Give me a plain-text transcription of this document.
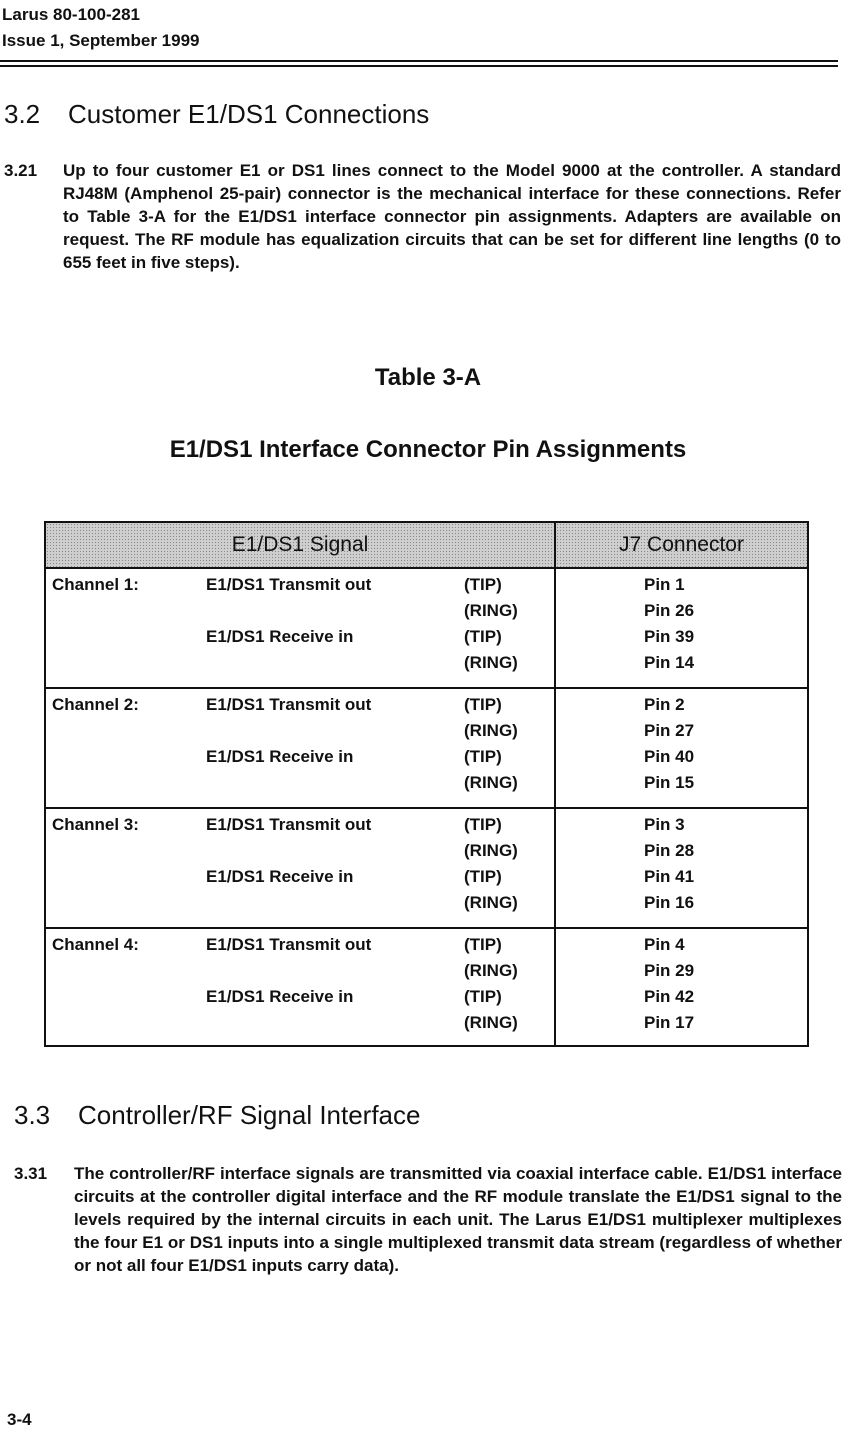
Larus 80-100-281
Issue 1, September 1999
3.2 Customer E1/DS1 Connections
3.21 Up to four customer E1 or DS1 lines connect to the Model 9000 at the controller. A standard RJ48M (Amphenol 25-pair) connector is the mechanical interface for these connections. Refer to Table 3-A for the E1/DS1 interface connector pin assignments. Adapters are available on request. The RF module has equalization circuits that can be set for different line lengths (0 to 655 feet in five steps).
Table 3-A
E1/DS1 Interface Connector Pin Assignments
E1/DS1 Signal	J7 Connector
Channel 1:	E1/DS1 Transmit out	(TIP)	Pin 1
(RING)	Pin 26
E1/DS1 Receive in	(TIP)	Pin 39
(RING)	Pin 14
Channel 2:	E1/DS1 Transmit out	(TIP)	Pin 2
(RING)	Pin 27
E1/DS1 Receive in	(TIP)	Pin 40
(RING)	Pin 15
Channel 3:	E1/DS1 Transmit out	(TIP)	Pin 3
(RING)	Pin 28
E1/DS1 Receive in	(TIP)	Pin 41
(RING)	Pin 16
Channel 4:	E1/DS1 Transmit out	(TIP)	Pin 4
(RING)	Pin 29
E1/DS1 Receive in	(TIP)	Pin 42
(RING)	Pin 17
3.3 Controller/RF Signal Interface
3.31 The controller/RF interface signals are transmitted via coaxial interface cable. E1/DS1 interface circuits at the controller digital interface and the RF module translate the E1/DS1 signal to the levels required by the internal circuits in each unit. The Larus E1/DS1 multiplexer multiplexes the four E1 or DS1 inputs into a single multiplexed transmit data stream (regardless of whether or not all four E1/DS1 inputs carry data).
3-4
